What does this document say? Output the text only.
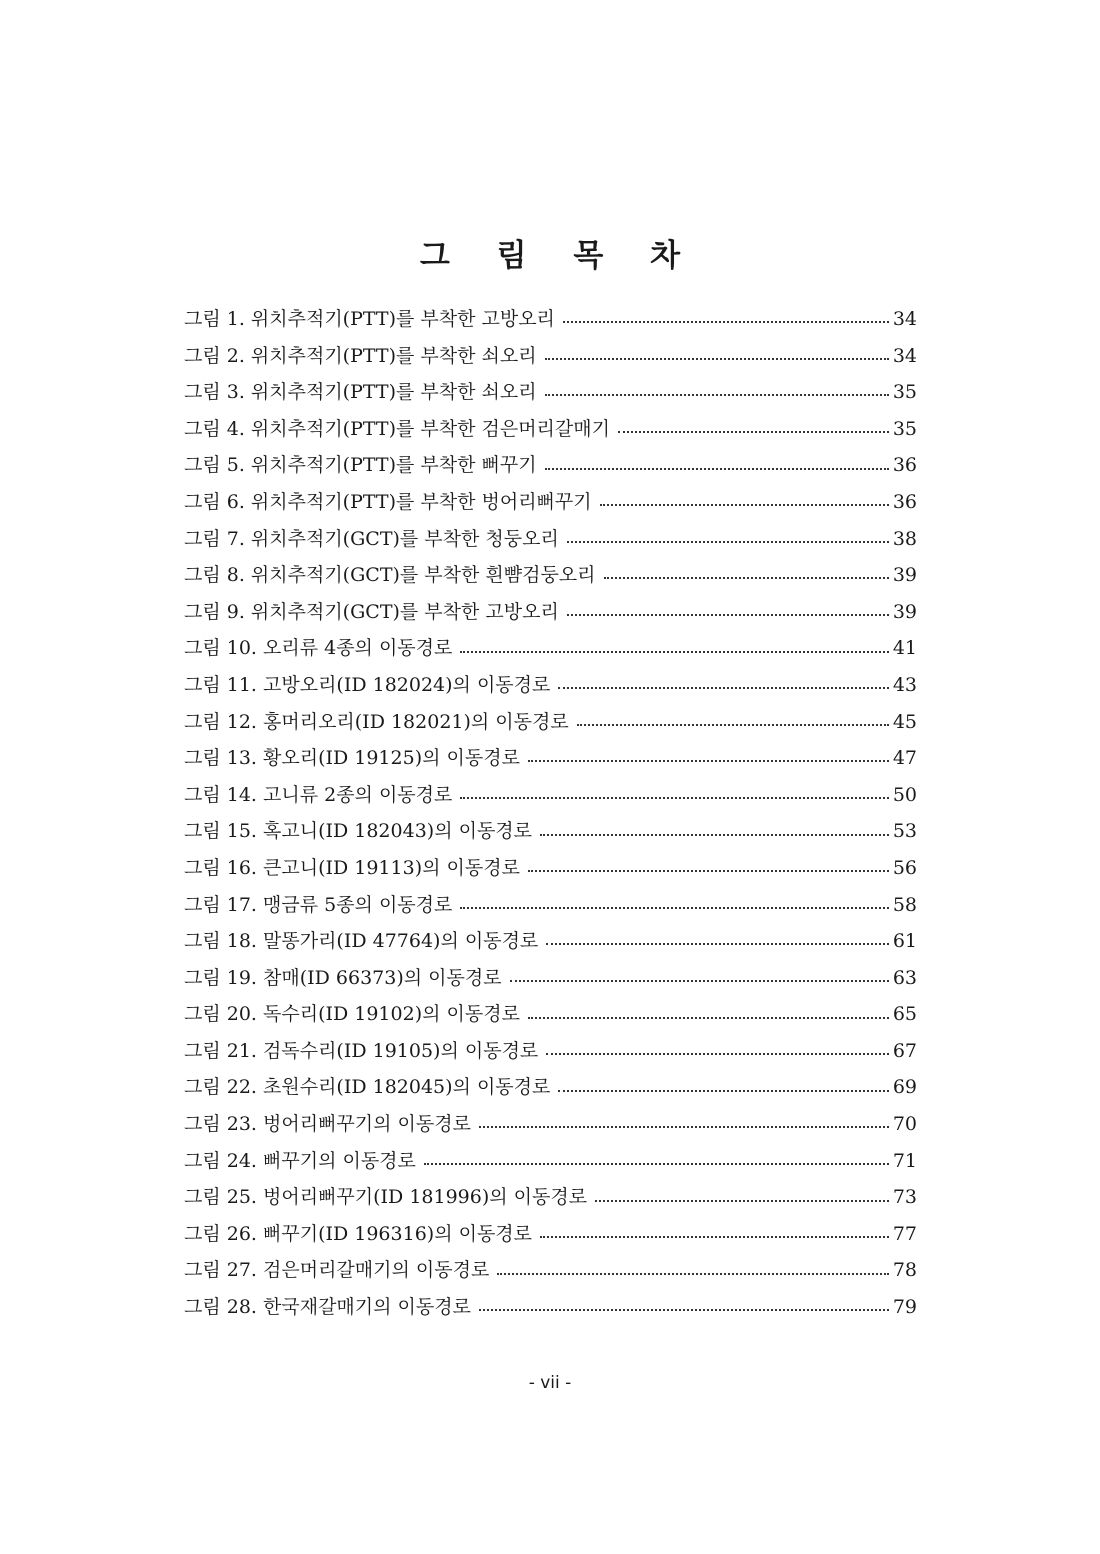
그 림 목 차
그림 1. 위치추적기(PTT)를 부착한 고방오리	34
그림 2. 위치추적기(PTT)를 부착한 쇠오리	34
그림 3. 위치추적기(PTT)를 부착한 쇠오리	35
그림 4. 위치추적기(PTT)를 부착한 검은머리갈매기	35
그림 5. 위치추적기(PTT)를 부착한 뻐꾸기	36
그림 6. 위치추적기(PTT)를 부착한 벙어리뻐꾸기	36
그림 7. 위치추적기(GCT)를 부착한 청둥오리	38
그림 8. 위치추적기(GCT)를 부착한 흰뺨검둥오리	39
그림 9. 위치추적기(GCT)를 부착한 고방오리	39
그림 10. 오리류 4종의 이동경로	41
그림 11. 고방오리(ID 182024)의 이동경로	43
그림 12. 홍머리오리(ID 182021)의 이동경로	45
그림 13. 황오리(ID 19125)의 이동경로	47
그림 14. 고니류 2종의 이동경로	50
그림 15. 혹고니(ID 182043)의 이동경로	53
그림 16. 큰고니(ID 19113)의 이동경로	56
그림 17. 맹금류 5종의 이동경로	58
그림 18. 말똥가리(ID 47764)의 이동경로	61
그림 19. 참매(ID 66373)의 이동경로	63
그림 20. 독수리(ID 19102)의 이동경로	65
그림 21. 검독수리(ID 19105)의 이동경로	67
그림 22. 초원수리(ID 182045)의 이동경로	69
그림 23. 벙어리뻐꾸기의 이동경로	70
그림 24. 뻐꾸기의 이동경로	71
그림 25. 벙어리뻐꾸기(ID 181996)의 이동경로	73
그림 26. 뻐꾸기(ID 196316)의 이동경로	77
그림 27. 검은머리갈매기의 이동경로	78
그림 28. 한국재갈매기의 이동경로	79
- vii -
